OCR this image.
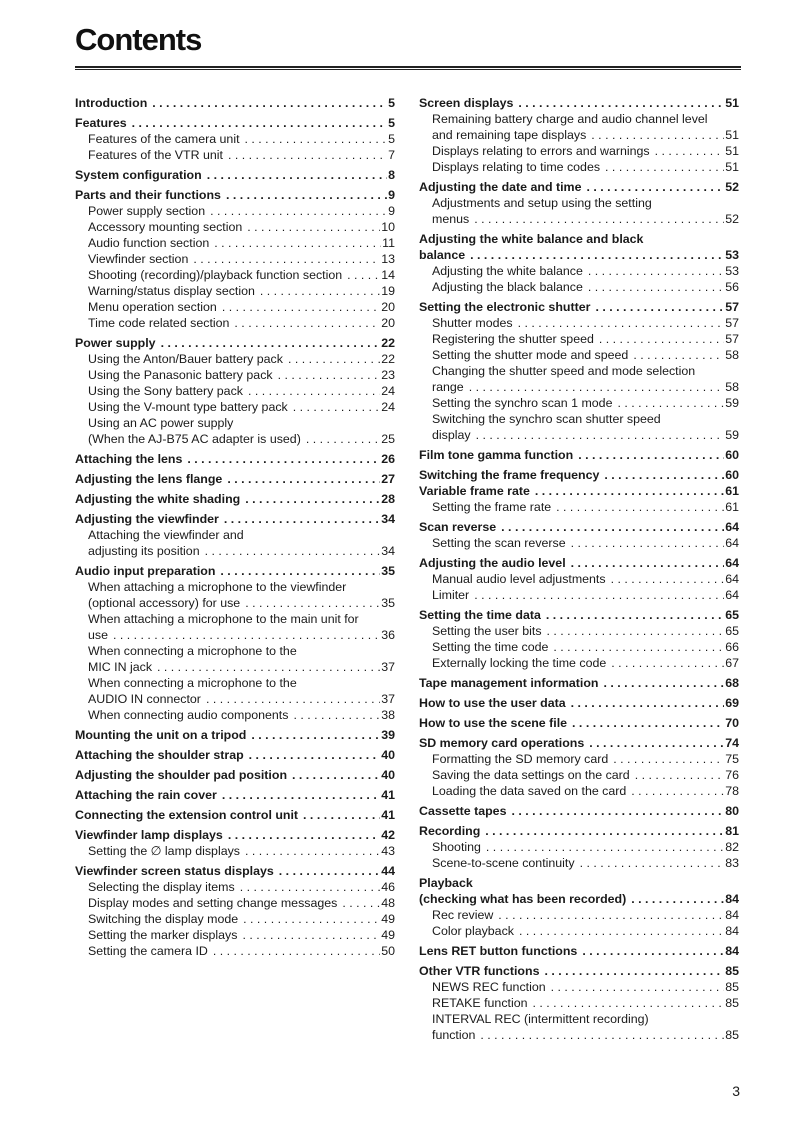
Contents
Introduction . . .	5
Features . . .	5
Features of the camera unit . . .	5
Features of the VTR unit . . .	7
System configuration . . .	8
Parts and their functions . . .	9
Power supply section . . .	9
Accessory mounting section . . .	10
Audio function section . . .	11
Viewfinder section . . .	13
Shooting (recording)/playback function section . . .	14
Warning/status display section . . .	19
Menu operation section . . .	20
Time code related section . . .	20
Power supply . . .	22
Using the Anton/Bauer battery pack . . .	22
Using the Panasonic battery pack . . .	23
Using the Sony battery pack . . .	24
Using the V-mount type battery pack . . .	24
Using an AC power supply
(When the AJ-B75 AC adapter is used) . . .	25
Attaching the lens . . .	26
Adjusting the lens flange . . .	27
Adjusting the white shading . . .	28
Adjusting the viewfinder . . .	34
Attaching the viewfinder and
adjusting its position . . .	34
Audio input preparation . . .	35
When attaching a microphone to the viewfinder
(optional accessory) for use . . .	35
When attaching a microphone to the main unit for
use . . .	36
When connecting a microphone to the
MIC IN jack . . .	37
When connecting a microphone to the
AUDIO IN connector . . .	37
When connecting audio components . . .	38
Mounting the unit on a tripod . . .	39
Attaching the shoulder strap . . .	40
Adjusting the shoulder pad position . . .	40
Attaching the rain cover . . .	41
Connecting the extension control unit . . .	41
Viewfinder lamp displays . . .	42
Setting the ∅ lamp displays . . .	43
Viewfinder screen status displays . . .	44
Selecting the display items . . .	46
Display modes and setting change messages . . .	48
Switching the display mode . . .	49
Setting the marker displays . . .	49
Setting the camera ID . . .	50
Screen displays . . .	51
Remaining battery charge and audio channel level
and remaining tape displays . . .	51
Displays relating to errors and warnings . . .	51
Displays relating to time codes . . .	51
Adjusting the date and time . . .	52
Adjustments and setup using the setting
menus . . .	52
Adjusting the white balance and black
balance . . .	53
Adjusting the white balance . . .	53
Adjusting the black balance . . .	56
Setting the electronic shutter . . .	57
Shutter modes . . .	57
Registering the shutter speed . . .	57
Setting the shutter mode and speed . . .	58
Changing the shutter speed and mode selection
range . . .	58
Setting the synchro scan 1 mode . . .	59
Switching the synchro scan shutter speed
display . . .	59
Film tone gamma function . . .	60
Switching the frame frequency . . .	60
Variable frame rate . . .	61
Setting the frame rate . . .	61
Scan reverse . . .	64
Setting the scan reverse . . .	64
Adjusting the audio level . . .	64
Manual audio level adjustments . . .	64
Limiter . . .	64
Setting the time data . . .	65
Setting the user bits . . .	65
Setting the time code . . .	66
Externally locking the time code . . .	67
Tape management information . . .	68
How to use the user data . . .	69
How to use the scene file . . .	70
SD memory card operations . . .	74
Formatting the SD memory card . . .	75
Saving the data settings on the card . . .	76
Loading the data saved on the card . . .	78
Cassette tapes . . .	80
Recording . . .	81
Shooting . . .	82
Scene-to-scene continuity . . .	83
Playback
(checking what has been recorded) . . .	84
Rec review . . .	84
Color playback . . .	84
Lens RET button functions . . .	84
Other VTR functions . . .	85
NEWS REC function . . .	85
RETAKE function . . .	85
INTERVAL REC (intermittent recording)
function . . .	85
3
